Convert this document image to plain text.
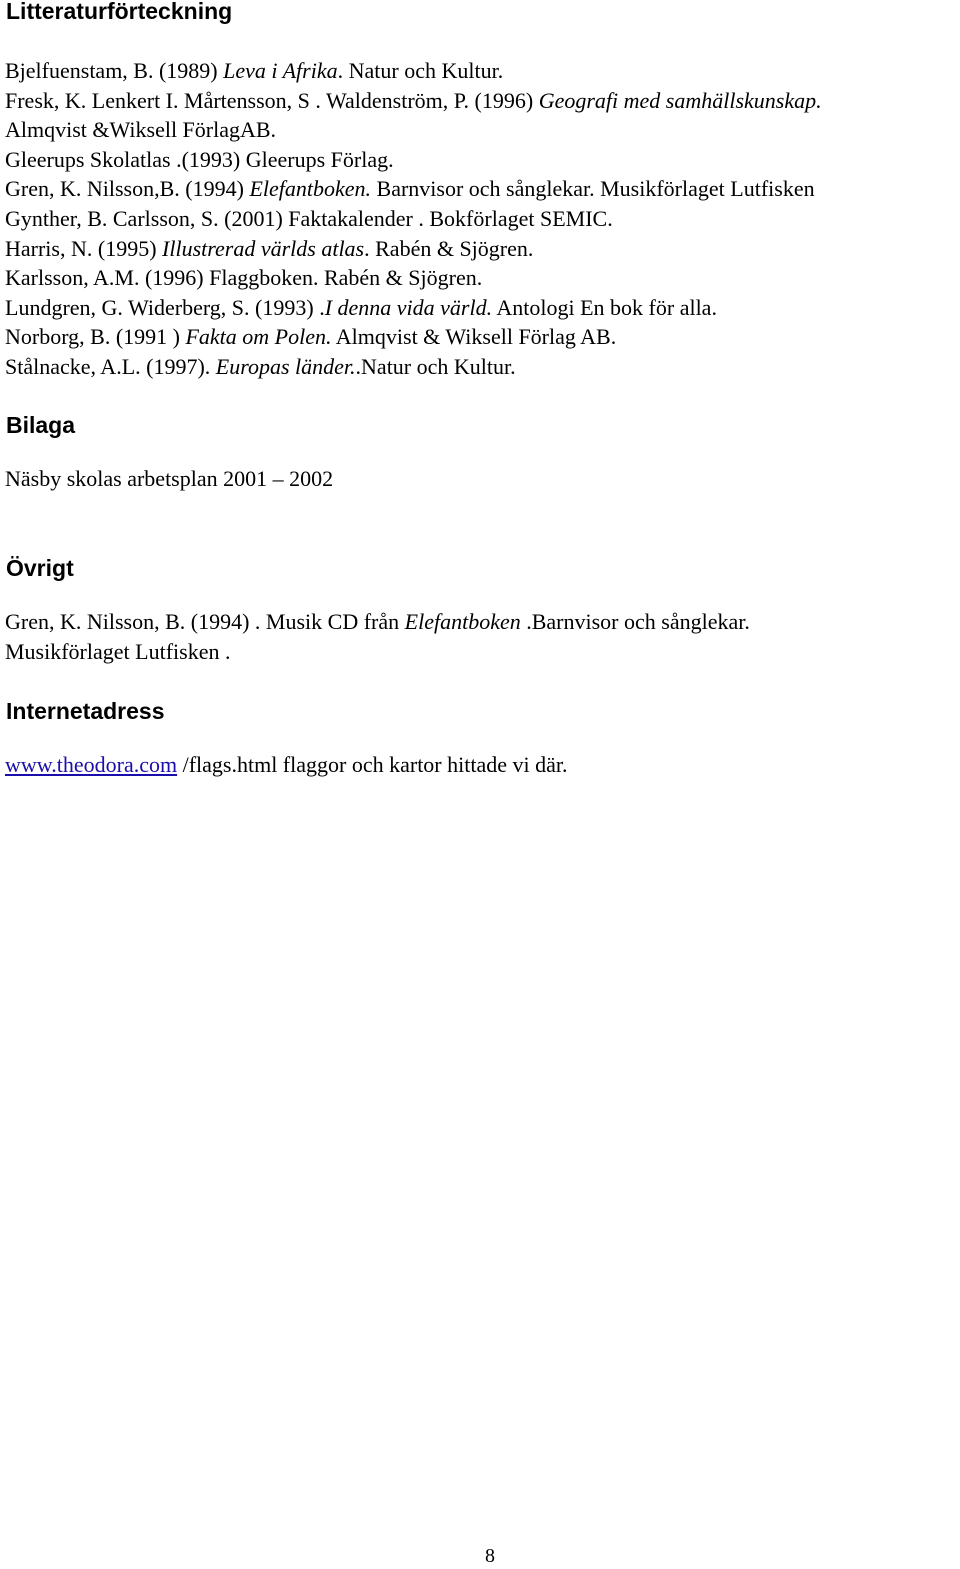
Litteraturförteckning
Bjelfuenstam, B. (1989) Leva i Afrika. Natur och Kultur.
Fresk, K. Lenkert I. Mårtensson, S . Waldenström, P. (1996) Geografi med samhällskunskap.
Almqvist &Wiksell FörlagAB.
Gleerups Skolatlas .(1993) Gleerups Förlag.
Gren, K. Nilsson,B. (1994) Elefantboken. Barnvisor och sånglekar. Musikförlaget Lutfisken
Gynther, B. Carlsson, S. (2001) Faktakalender . Bokförlaget SEMIC.
Harris, N. (1995) Illustrerad världs atlas. Rabén & Sjögren.
Karlsson, A.M. (1996) Flaggboken. Rabén & Sjögren.
Lundgren, G. Widerberg, S. (1993) .I denna vida värld. Antologi En bok för alla.
Norborg, B. (1991 ) Fakta om Polen. Almqvist & Wiksell Förlag AB.
Stålnacke, A.L. (1997). Europas länder..Natur och Kultur.
Bilaga
Näsby skolas arbetsplan 2001 – 2002
Övrigt
Gren, K. Nilsson, B. (1994) . Musik CD från Elefantboken .Barnvisor och sånglekar.
Musikförlaget Lutfisken .
Internetadress
www.theodora.com /flags.html flaggor och kartor hittade vi där.
8
